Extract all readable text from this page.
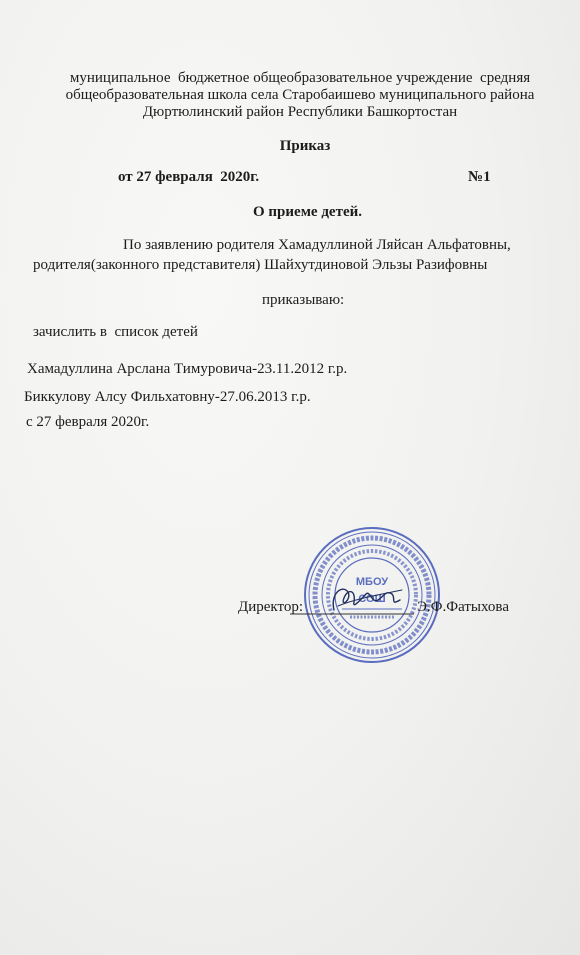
муниципальное  бюджетное общеобразовательное учреждение  средняя
общеобразовательная школа села Старобаишево муниципального района
Дюртюлинский район Республики Башкортостан
Приказ
от 27 февраля  2020г.	№1
О приеме детей.
По заявлению родителя Хамадуллиной Ляйсан Альфатовны,
родителя(законного представителя) Шайхутдиновой Эльзы Разифовны
приказываю:
зачислить в  список детей
Хамадуллина Арслана Тимуровича-23.11.2012 г.р.
Биккулову Алсу Фильхатовну-27.06.2013 г.р.
с 27 февраля 2020г.
МБОУ
СОШ
Директор:	Э.Ф.Фатыхова
